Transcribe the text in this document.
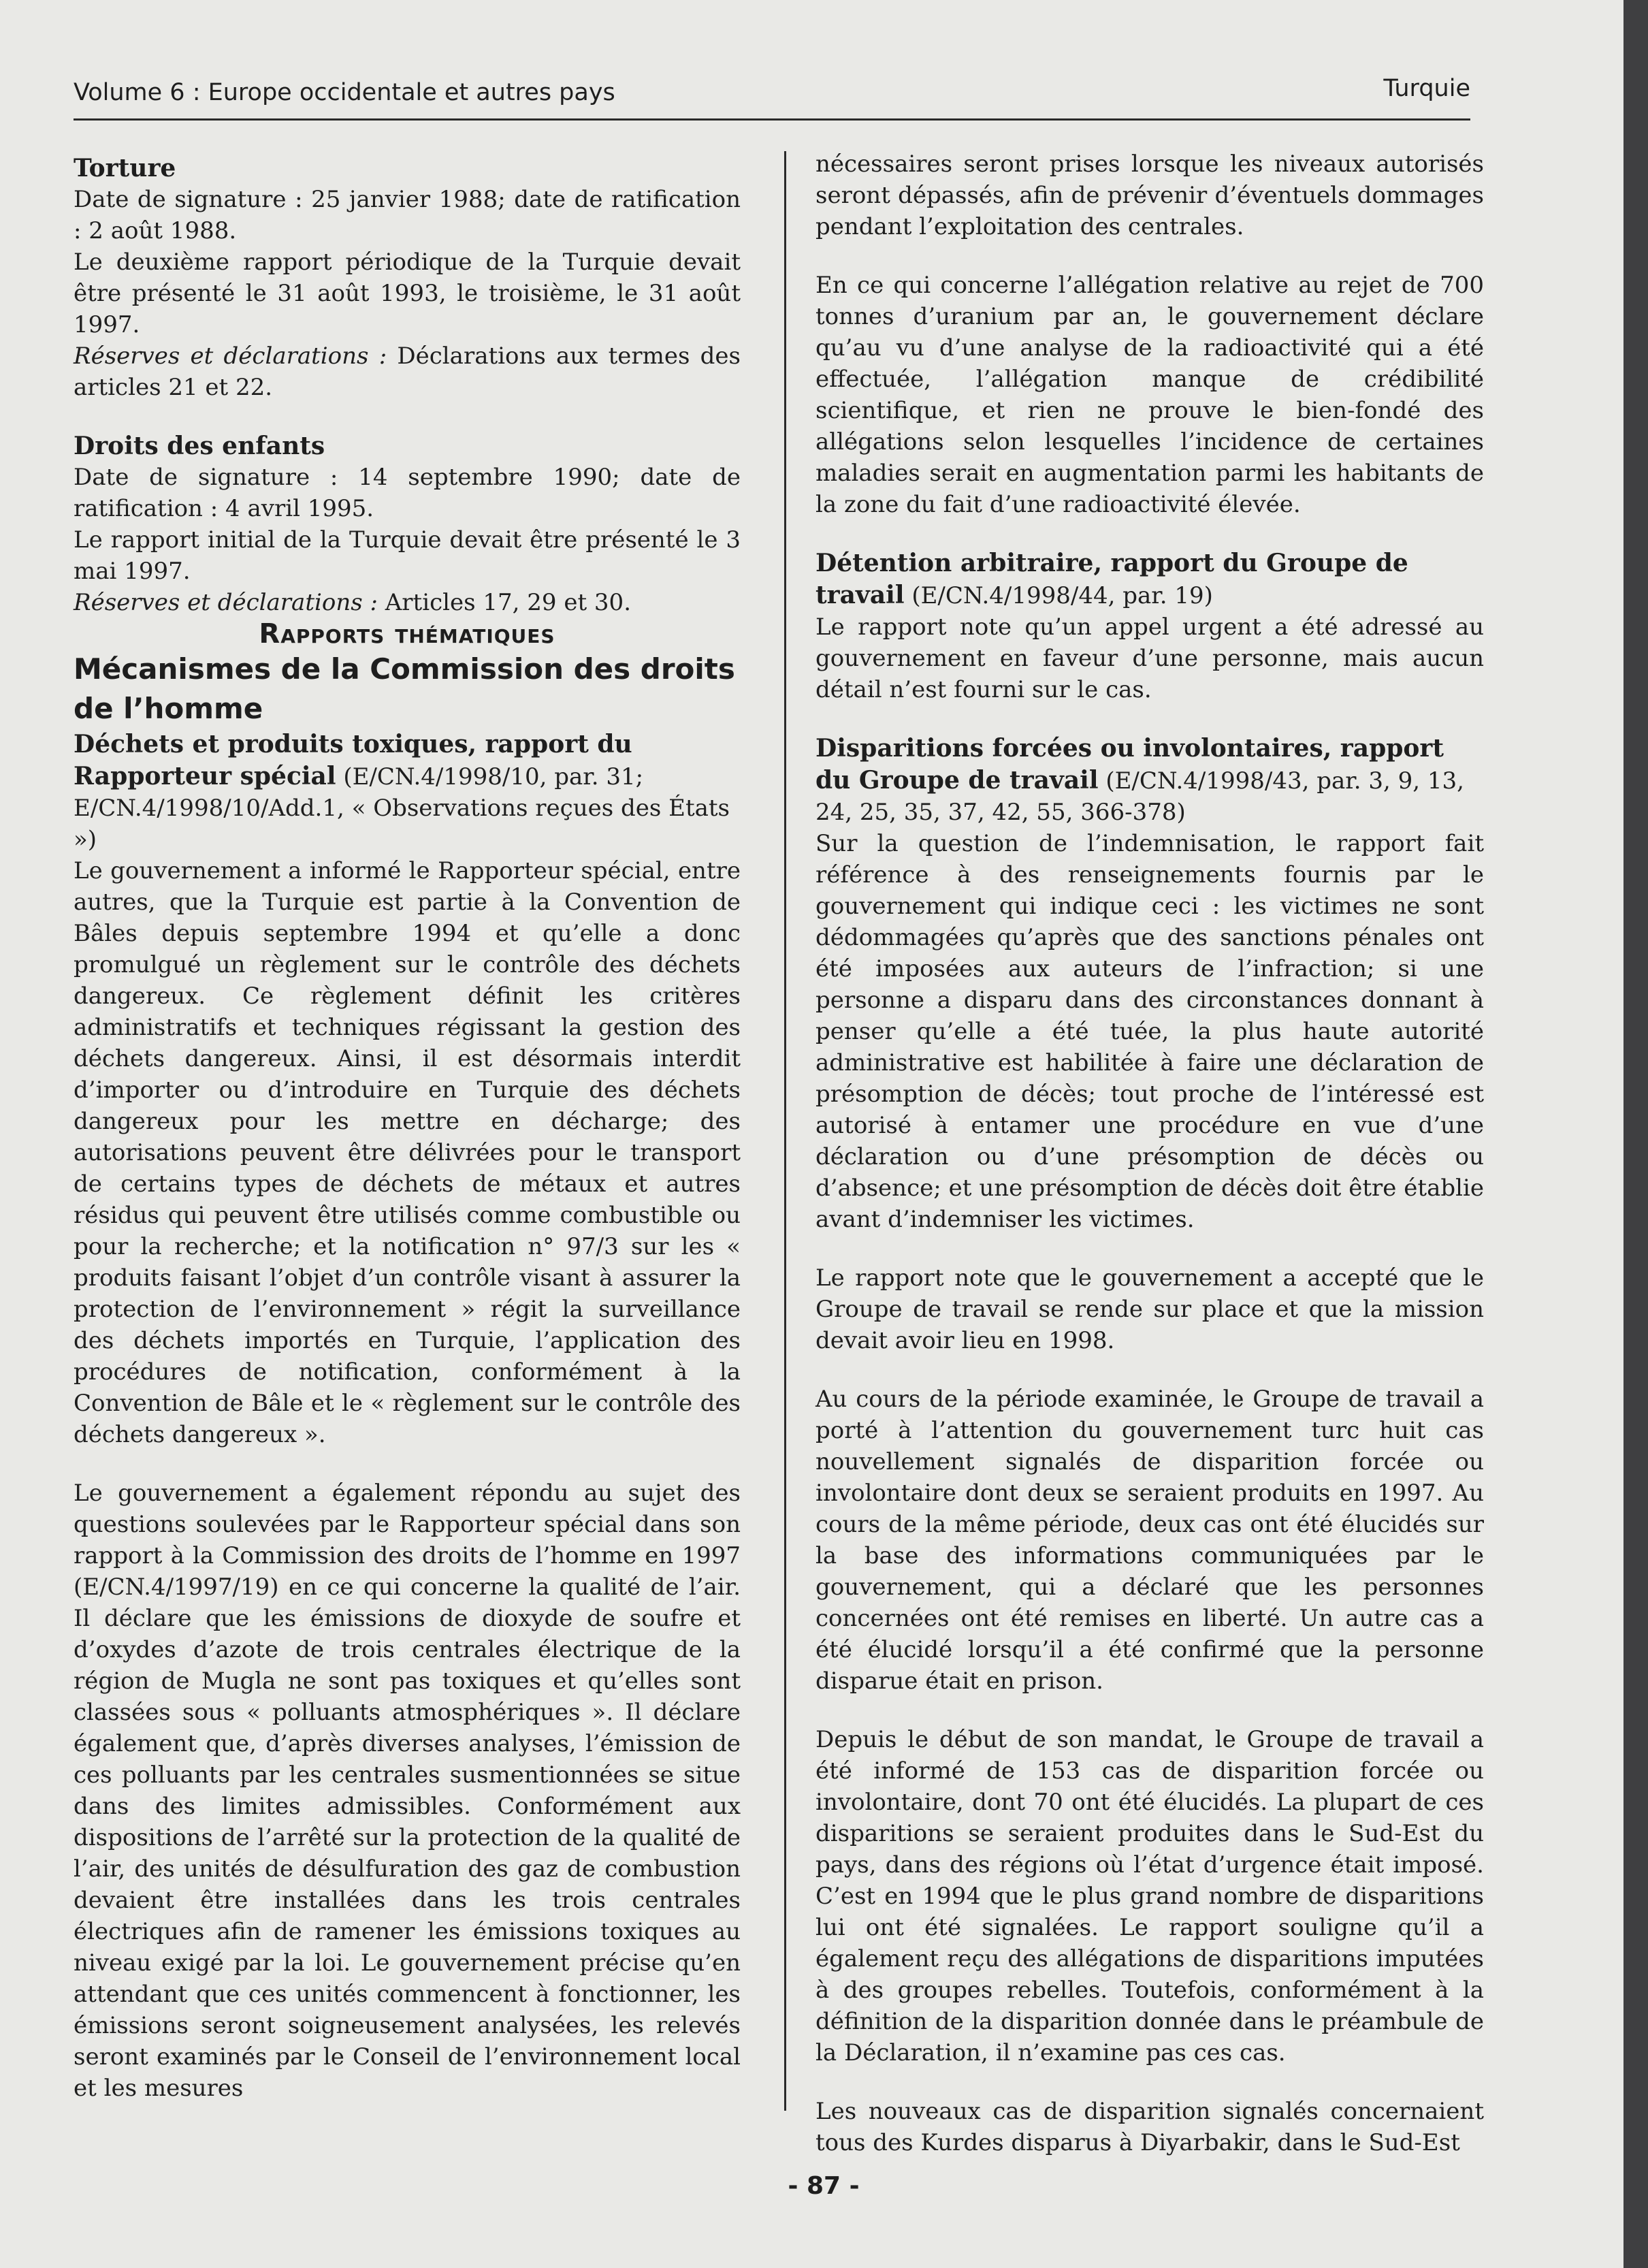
Volume 6 : Europe occidentale et autres pays	Turquie

Torture

Date de signature : 25 janvier 1988; date de ratification : 2 août 1988.

Le deuxième rapport périodique de la Turquie devait être présenté le 31 août 1993, le troisième, le 31 août 1997.

Réserves et déclarations : Déclarations aux termes des articles 21 et 22.

Droits des enfants

Date de signature : 14 septembre 1990; date de ratification : 4 avril 1995.

Le rapport initial de la Turquie devait être présenté le 3 mai 1997.

Réserves et déclarations : Articles 17, 29 et 30.

Rapports thématiques

Mécanismes de la Commission des droits de l’homme

Déchets et produits toxiques, rapport du Rapporteur spécial (E/CN.4/1998/10, par. 31; E/CN.4/1998/10/Add.1, « Observations reçues des États »)

Le gouvernement a informé le Rapporteur spécial, entre autres, que la Turquie est partie à la Convention de Bâles depuis septembre 1994 et qu’elle a donc promulgué un règlement sur le contrôle des déchets dangereux. Ce règlement définit les critères administratifs et techniques régissant la gestion des déchets dangereux. Ainsi, il est désormais interdit d’importer ou d’introduire en Turquie des déchets dangereux pour les mettre en décharge; des autorisations peuvent être délivrées pour le transport de certains types de déchets de métaux et autres résidus qui peuvent être utilisés comme combustible ou pour la recherche; et la notification n° 97/3 sur les « produits faisant l’objet d’un contrôle visant à assurer la protection de l’environnement » régit la surveillance des déchets importés en Turquie, l’application des procédures de notification, conformément à la Convention de Bâle et le « règlement sur le contrôle des déchets dangereux ».

Le gouvernement a également répondu au sujet des questions soulevées par le Rapporteur spécial dans son rapport à la Commission des droits de l’homme en 1997 (E/CN.4/1997/19) en ce qui concerne la qualité de l’air. Il déclare que les émissions de dioxyde de soufre et d’oxydes d’azote de trois centrales électrique de la région de Mugla ne sont pas toxiques et qu’elles sont classées sous « polluants atmosphériques ». Il déclare également que, d’après diverses analyses, l’émission de ces polluants par les centrales susmentionnées se situe dans des limites admissibles. Conformément aux dispositions de l’arrêté sur la protection de la qualité de l’air, des unités de désulfuration des gaz de combustion devaient être installées dans les trois centrales électriques afin de ramener les émissions toxiques au niveau exigé par la loi. Le gouvernement précise qu’en attendant que ces unités commencent à fonctionner, les émissions seront soigneusement analysées, les relevés seront examinés par le Conseil de l’environnement local et les mesures

nécessaires seront prises lorsque les niveaux autorisés seront dépassés, afin de prévenir d’éventuels dommages pendant l’exploitation des centrales.

En ce qui concerne l’allégation relative au rejet de 700 tonnes d’uranium par an, le gouvernement déclare qu’au vu d’une analyse de la radioactivité qui a été effectuée, l’allégation manque de crédibilité scientifique, et rien ne prouve le bien-fondé des allégations selon lesquelles l’incidence de certaines maladies serait en augmentation parmi les habitants de la zone du fait d’une radioactivité élevée.

Détention arbitraire, rapport du Groupe de travail (E/CN.4/1998/44, par. 19)

Le rapport note qu’un appel urgent a été adressé au gouvernement en faveur d’une personne, mais aucun détail n’est fourni sur le cas.

Disparitions forcées ou involontaires, rapport du Groupe de travail (E/CN.4/1998/43, par. 3, 9, 13, 24, 25, 35, 37, 42, 55, 366-378)

Sur la question de l’indemnisation, le rapport fait référence à des renseignements fournis par le gouvernement qui indique ceci : les victimes ne sont dédommagées qu’après que des sanctions pénales ont été imposées aux auteurs de l’infraction; si une personne a disparu dans des circonstances donnant à penser qu’elle a été tuée, la plus haute autorité administrative est habilitée à faire une déclaration de présomption de décès; tout proche de l’intéressé est autorisé à entamer une procédure en vue d’une déclaration ou d’une présomption de décès ou d’absence; et une présomption de décès doit être établie avant d’indemniser les victimes.

Le rapport note que le gouvernement a accepté que le Groupe de travail se rende sur place et que la mission devait avoir lieu en 1998.

Au cours de la période examinée, le Groupe de travail a porté à l’attention du gouvernement turc huit cas nouvellement signalés de disparition forcée ou involontaire dont deux se seraient produits en 1997. Au cours de la même période, deux cas ont été élucidés sur la base des informations communiquées par le gouvernement, qui a déclaré que les personnes concernées ont été remises en liberté. Un autre cas a été élucidé lorsqu’il a été confirmé que la personne disparue était en prison.

Depuis le début de son mandat, le Groupe de travail a été informé de 153 cas de disparition forcée ou involontaire, dont 70 ont été élucidés. La plupart de ces disparitions se seraient produites dans le Sud-Est du pays, dans des régions où l’état d’urgence était imposé. C’est en 1994 que le plus grand nombre de disparitions lui ont été signalées. Le rapport souligne qu’il a également reçu des allégations de disparitions imputées à des groupes rebelles. Toutefois, conformément à la définition de la disparition donnée dans le préambule de la Déclaration, il n’examine pas ces cas.

Les nouveaux cas de disparition signalés concernaient tous des Kurdes disparus à Diyarbakir, dans le Sud-Est

- 87 -
